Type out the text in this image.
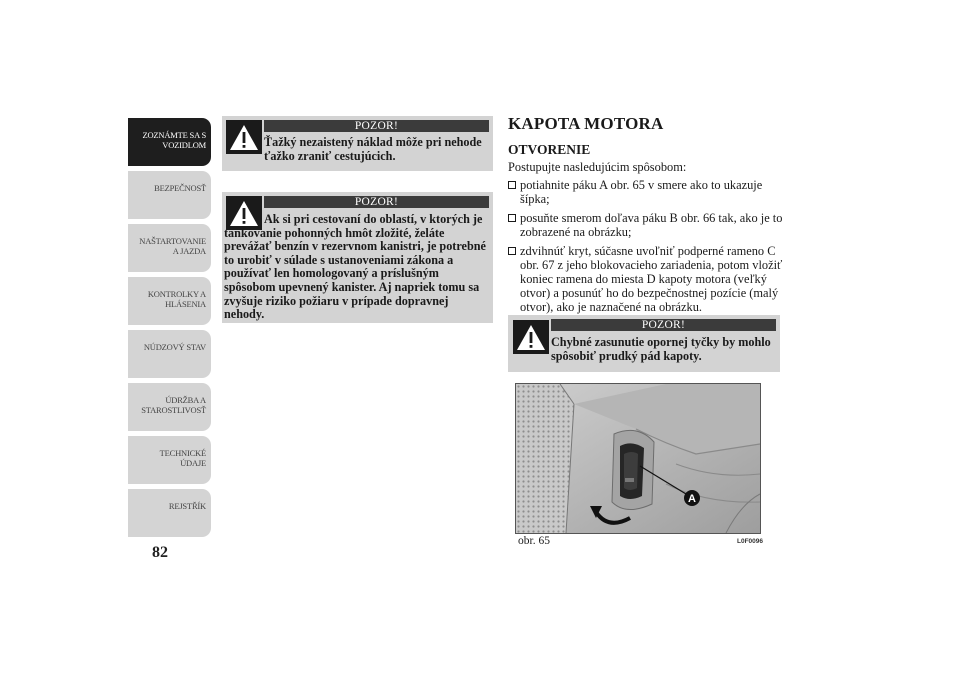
ZOZNÁMTE SA S
VOZIDLOM
BEZPEČNOSŤ
NAŠTARTOVANIE
A JAZDA
KONTROLKY A
HLÁSENIA
NÚDZOVÝ STAV
ÚDRŽBA A
STAROSTLIVOSŤ
TECHNICKÉ
ÚDAJE
REJSTŘÍK
82
POZOR!
Ťažký nezaistený náklad môže pri nehode ťažko zraniť cestujúcich.
POZOR!
Ak si pri cestovaní do oblastí, v ktorých je tankovanie pohonných hmôt zložité, želáte prevážať benzín v rezervnom kanistri, je potrebné to urobiť v súlade s ustanoveniami zákona a používať len homologovaný a príslušným spôsobom upevnený kanister. Aj napriek tomu sa zvyšuje riziko požiaru v prípade dopravnej nehody.
KAPOTA MOTORA
OTVORENIE
Postupujte nasledujúcim spôsobom:
potiahnite páku A obr. 65 v smere ako to ukazuje šípka;
posuňte smerom doľava páku B obr. 66 tak, ako je to zobrazené na obrázku;
zdvihnúť kryt, súčasne uvoľniť podperné rameno C obr. 67 z jeho blokovacieho zariadenia, potom vložiť koniec ramena do miesta D kapoty motora (veľký otvor) a posunúť ho do bezpečnostnej pozície (malý otvor), ako je naznačené na obrázku.
POZOR!
Chybné zasunutie opornej tyčky by mohlo spôsobiť prudký pád kapoty.
A
obr. 65	L0F0096
